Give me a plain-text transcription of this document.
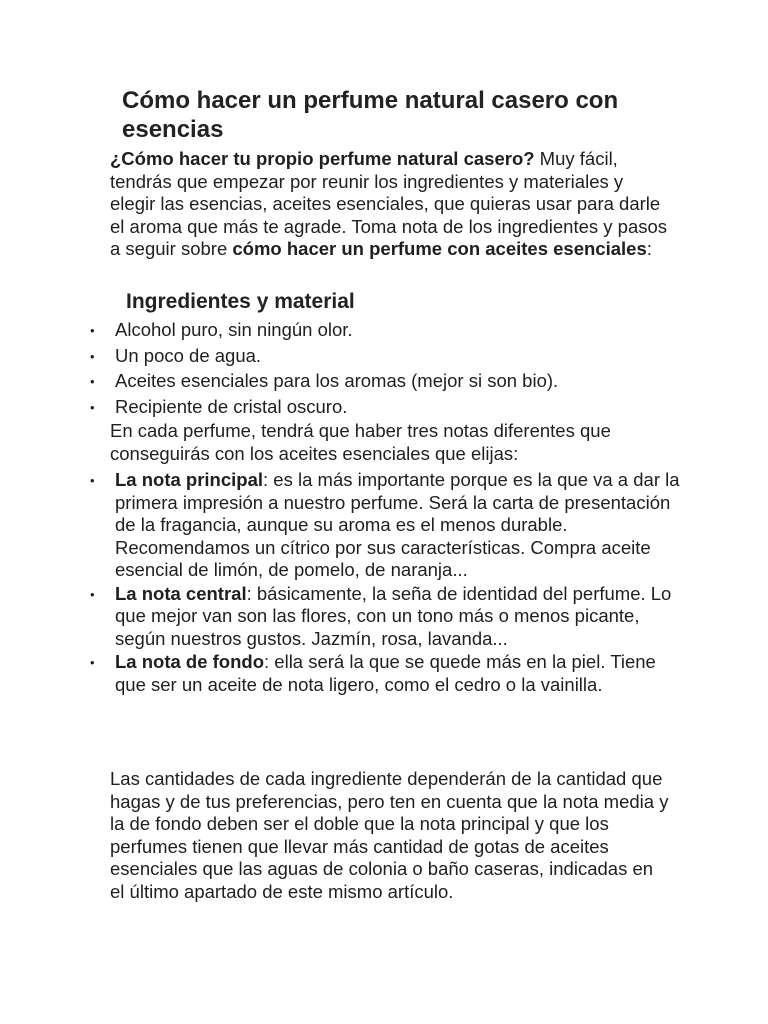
Cómo hacer un perfume natural casero con esencias

¿Cómo hacer tu propio perfume natural casero? Muy fácil, tendrás que empezar por reunir los ingredientes y materiales y elegir las esencias, aceites esenciales, que quieras usar para darle el aroma que más te agrade. Toma nota de los ingredientes y pasos a seguir sobre cómo hacer un perfume con aceites esenciales:

Ingredientes y material
• Alcohol puro, sin ningún olor.
• Un poco de agua.
• Aceites esenciales para los aromas (mejor si son bio).
• Recipiente de cristal oscuro.

En cada perfume, tendrá que haber tres notas diferentes que conseguirás con los aceites esenciales que elijas:

• La nota principal: es la más importante porque es la que va a dar la primera impresión a nuestro perfume. Será la carta de presentación de la fragancia, aunque su aroma es el menos durable. Recomendamos un cítrico por sus características. Compra aceite esencial de limón, de pomelo, de naranja...
• La nota central: básicamente, la seña de identidad del perfume. Lo que mejor van son las flores, con un tono más o menos picante, según nuestros gustos. Jazmín, rosa, lavanda...
• La nota de fondo: ella será la que se quede más en la piel. Tiene que ser un aceite de nota ligero, como el cedro o la vainilla.

Las cantidades de cada ingrediente dependerán de la cantidad que hagas y de tus preferencias, pero ten en cuenta que la nota media y la de fondo deben ser el doble que la nota principal y que los perfumes tienen que llevar más cantidad de gotas de aceites esenciales que las aguas de colonia o baño caseras, indicadas en el último apartado de este mismo artículo.
